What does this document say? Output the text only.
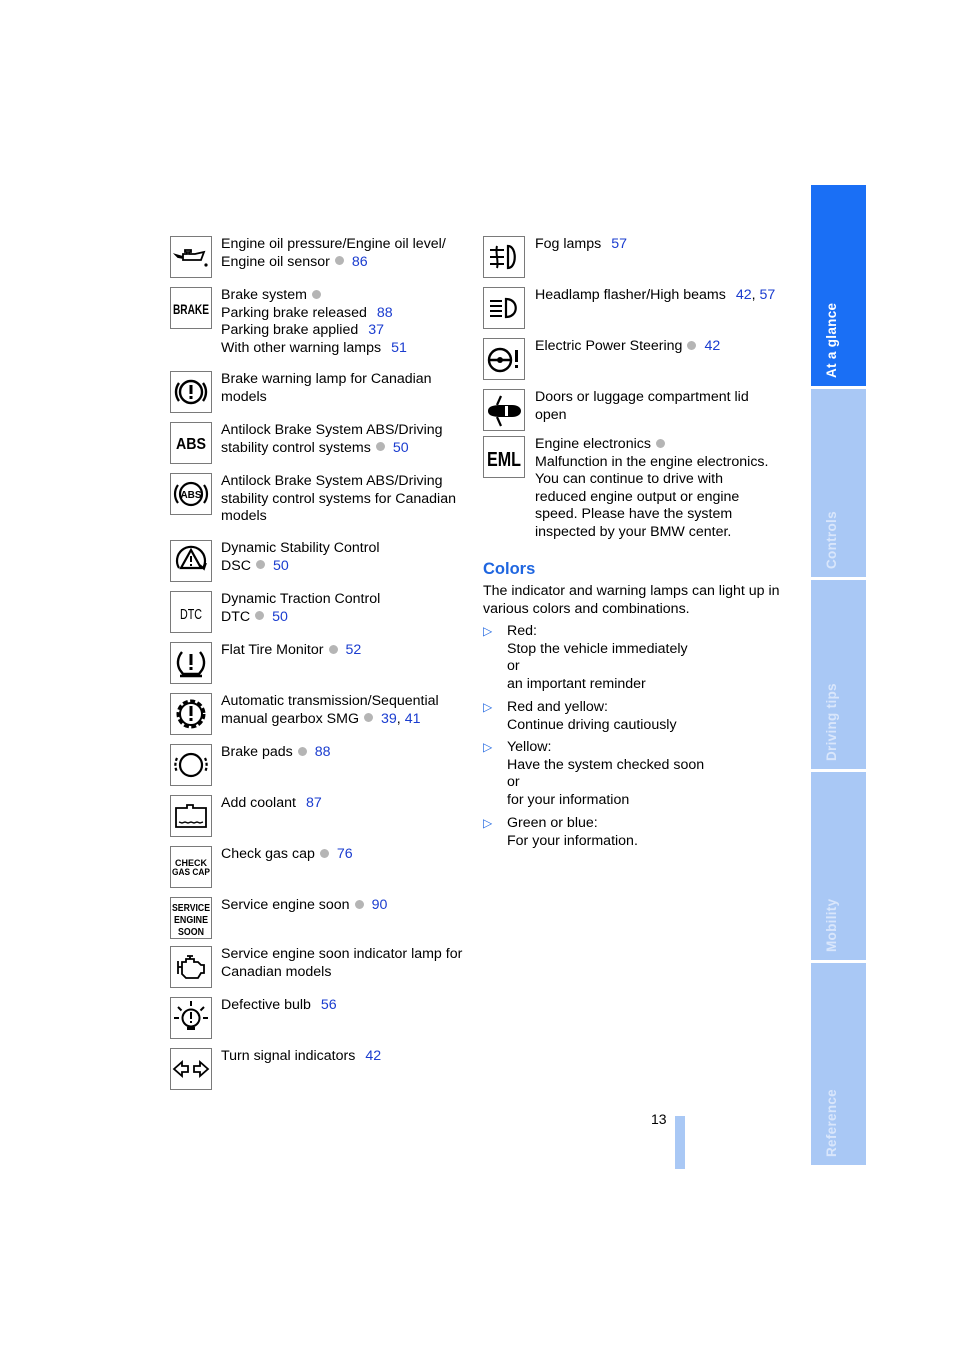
Engine oil pressure/Engine oil level/
Engine oil sensor 86
BRAKE
Brake system
Parking brake released 88
Parking brake applied 37
With other warning lamps 51
Brake warning lamp for Canadian
models
ABS
Antilock Brake System ABS/Driving
stability control systems 50
ABS
Antilock Brake System ABS/Driving
stability control systems for Canadian
models
Dynamic Stability Control
DSC 50
DTC
Dynamic Traction Control
DTC 50
Flat Tire Monitor 52
Automatic transmission/Sequential
manual gearbox SMG 39, 41
Brake pads 88
Add coolant 87
CHECK
GAS CAP
Check gas cap 76
SERVICE
ENGINE
SOON
Service engine soon 90
Service engine soon indicator lamp for
Canadian models
Defective bulb 56
Turn signal indicators 42
Fog lamps 57
Headlamp flasher/High beams 42, 57
Electric Power Steering 42
Doors or luggage compartment lid
open
EML
Engine electronics
Malfunction in the engine electronics.
You can continue to drive with
reduced engine output or engine
speed. Please have the system
inspected by your BMW center.
Colors
The indicator and warning lamps can light up in
various colors and combinations.
▷ Red:
Stop the vehicle immediately
or
an important reminder
▷ Red and yellow:
Continue driving cautiously
▷ Yellow:
Have the system checked soon
or
for your information
▷ Green or blue:
For your information.
13
At a glance
Controls
Driving tips
Mobility
Reference
